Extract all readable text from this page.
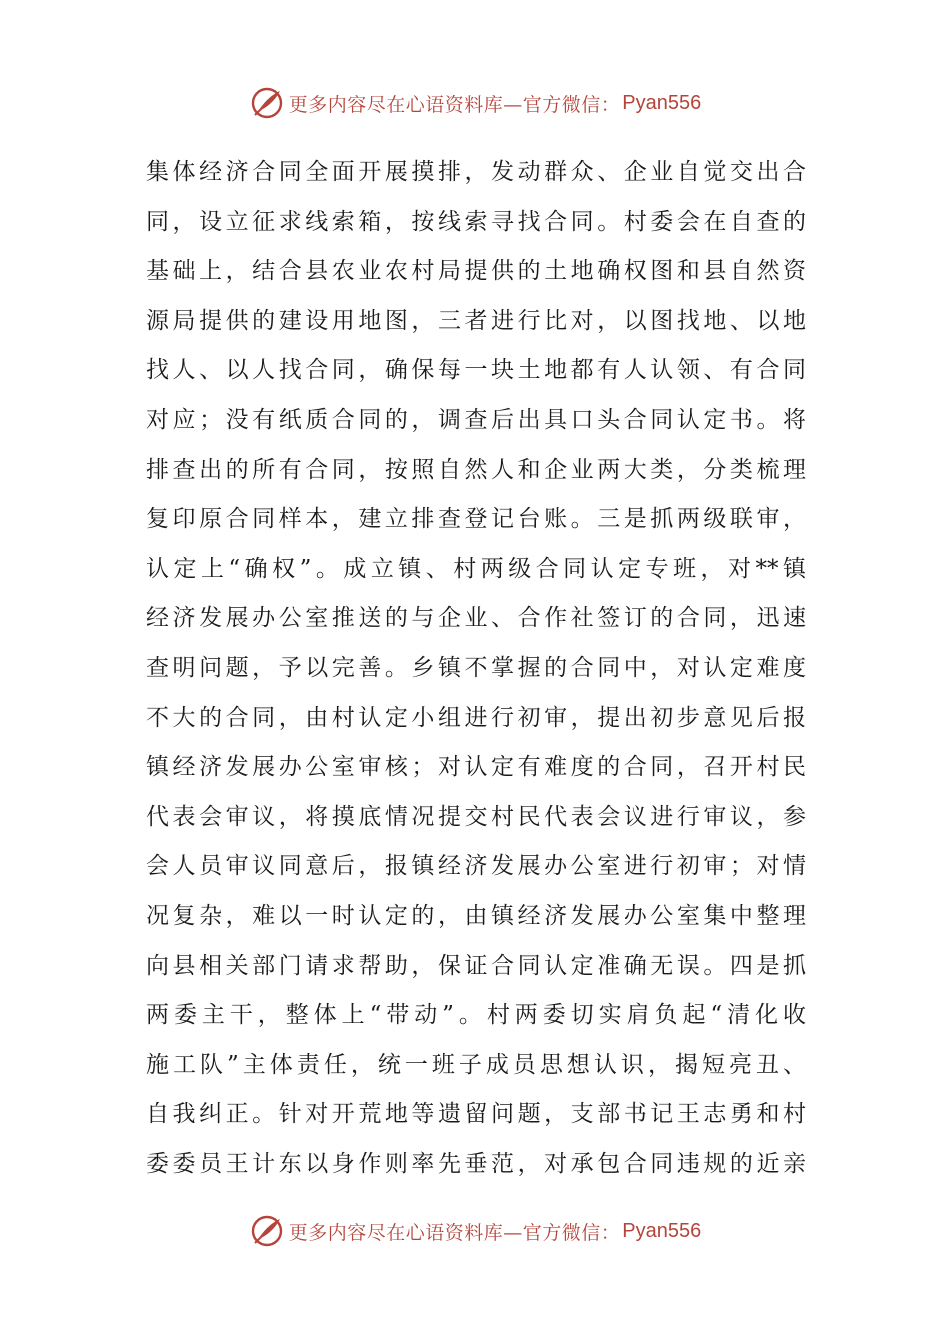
更多内容尽在心语资料库—官方微信： Pyan556
集体经济合同全面开展摸排，发动群众、企业自觉交出合
同，设立征求线索箱，按线索寻找合同。村委会在自查的
基础上，结合县农业农村局提供的土地确权图和县自然资
源局提供的建设用地图，三者进行比对，以图找地、以地
找人、以人找合同，确保每一块土地都有人认领、有合同
对应；没有纸质合同的，调查后出具口头合同认定书。将
排查出的所有合同，按照自然人和企业两大类，分类梳理
复印原合同样本，建立排查登记台账。三是抓两级联审，
认定上“确权”。成立镇、村两级合同认定专班，对**镇
经济发展办公室推送的与企业、合作社签订的合同，迅速
查明问题，予以完善。乡镇不掌握的合同中，对认定难度
不大的合同，由村认定小组进行初审，提出初步意见后报
镇经济发展办公室审核；对认定有难度的合同，召开村民
代表会审议，将摸底情况提交村民代表会议进行审议，参
会人员审议同意后，报镇经济发展办公室进行初审；对情
况复杂，难以一时认定的，由镇经济发展办公室集中整理
向县相关部门请求帮助，保证合同认定准确无误。四是抓
两委主干，整体上“带动”。村两委切实肩负起“清化收
施工队”主体责任，统一班子成员思想认识，揭短亮丑、
自我纠正。针对开荒地等遗留问题，支部书记王志勇和村
委委员王计东以身作则率先垂范，对承包合同违规的近亲
更多内容尽在心语资料库—官方微信： Pyan556
